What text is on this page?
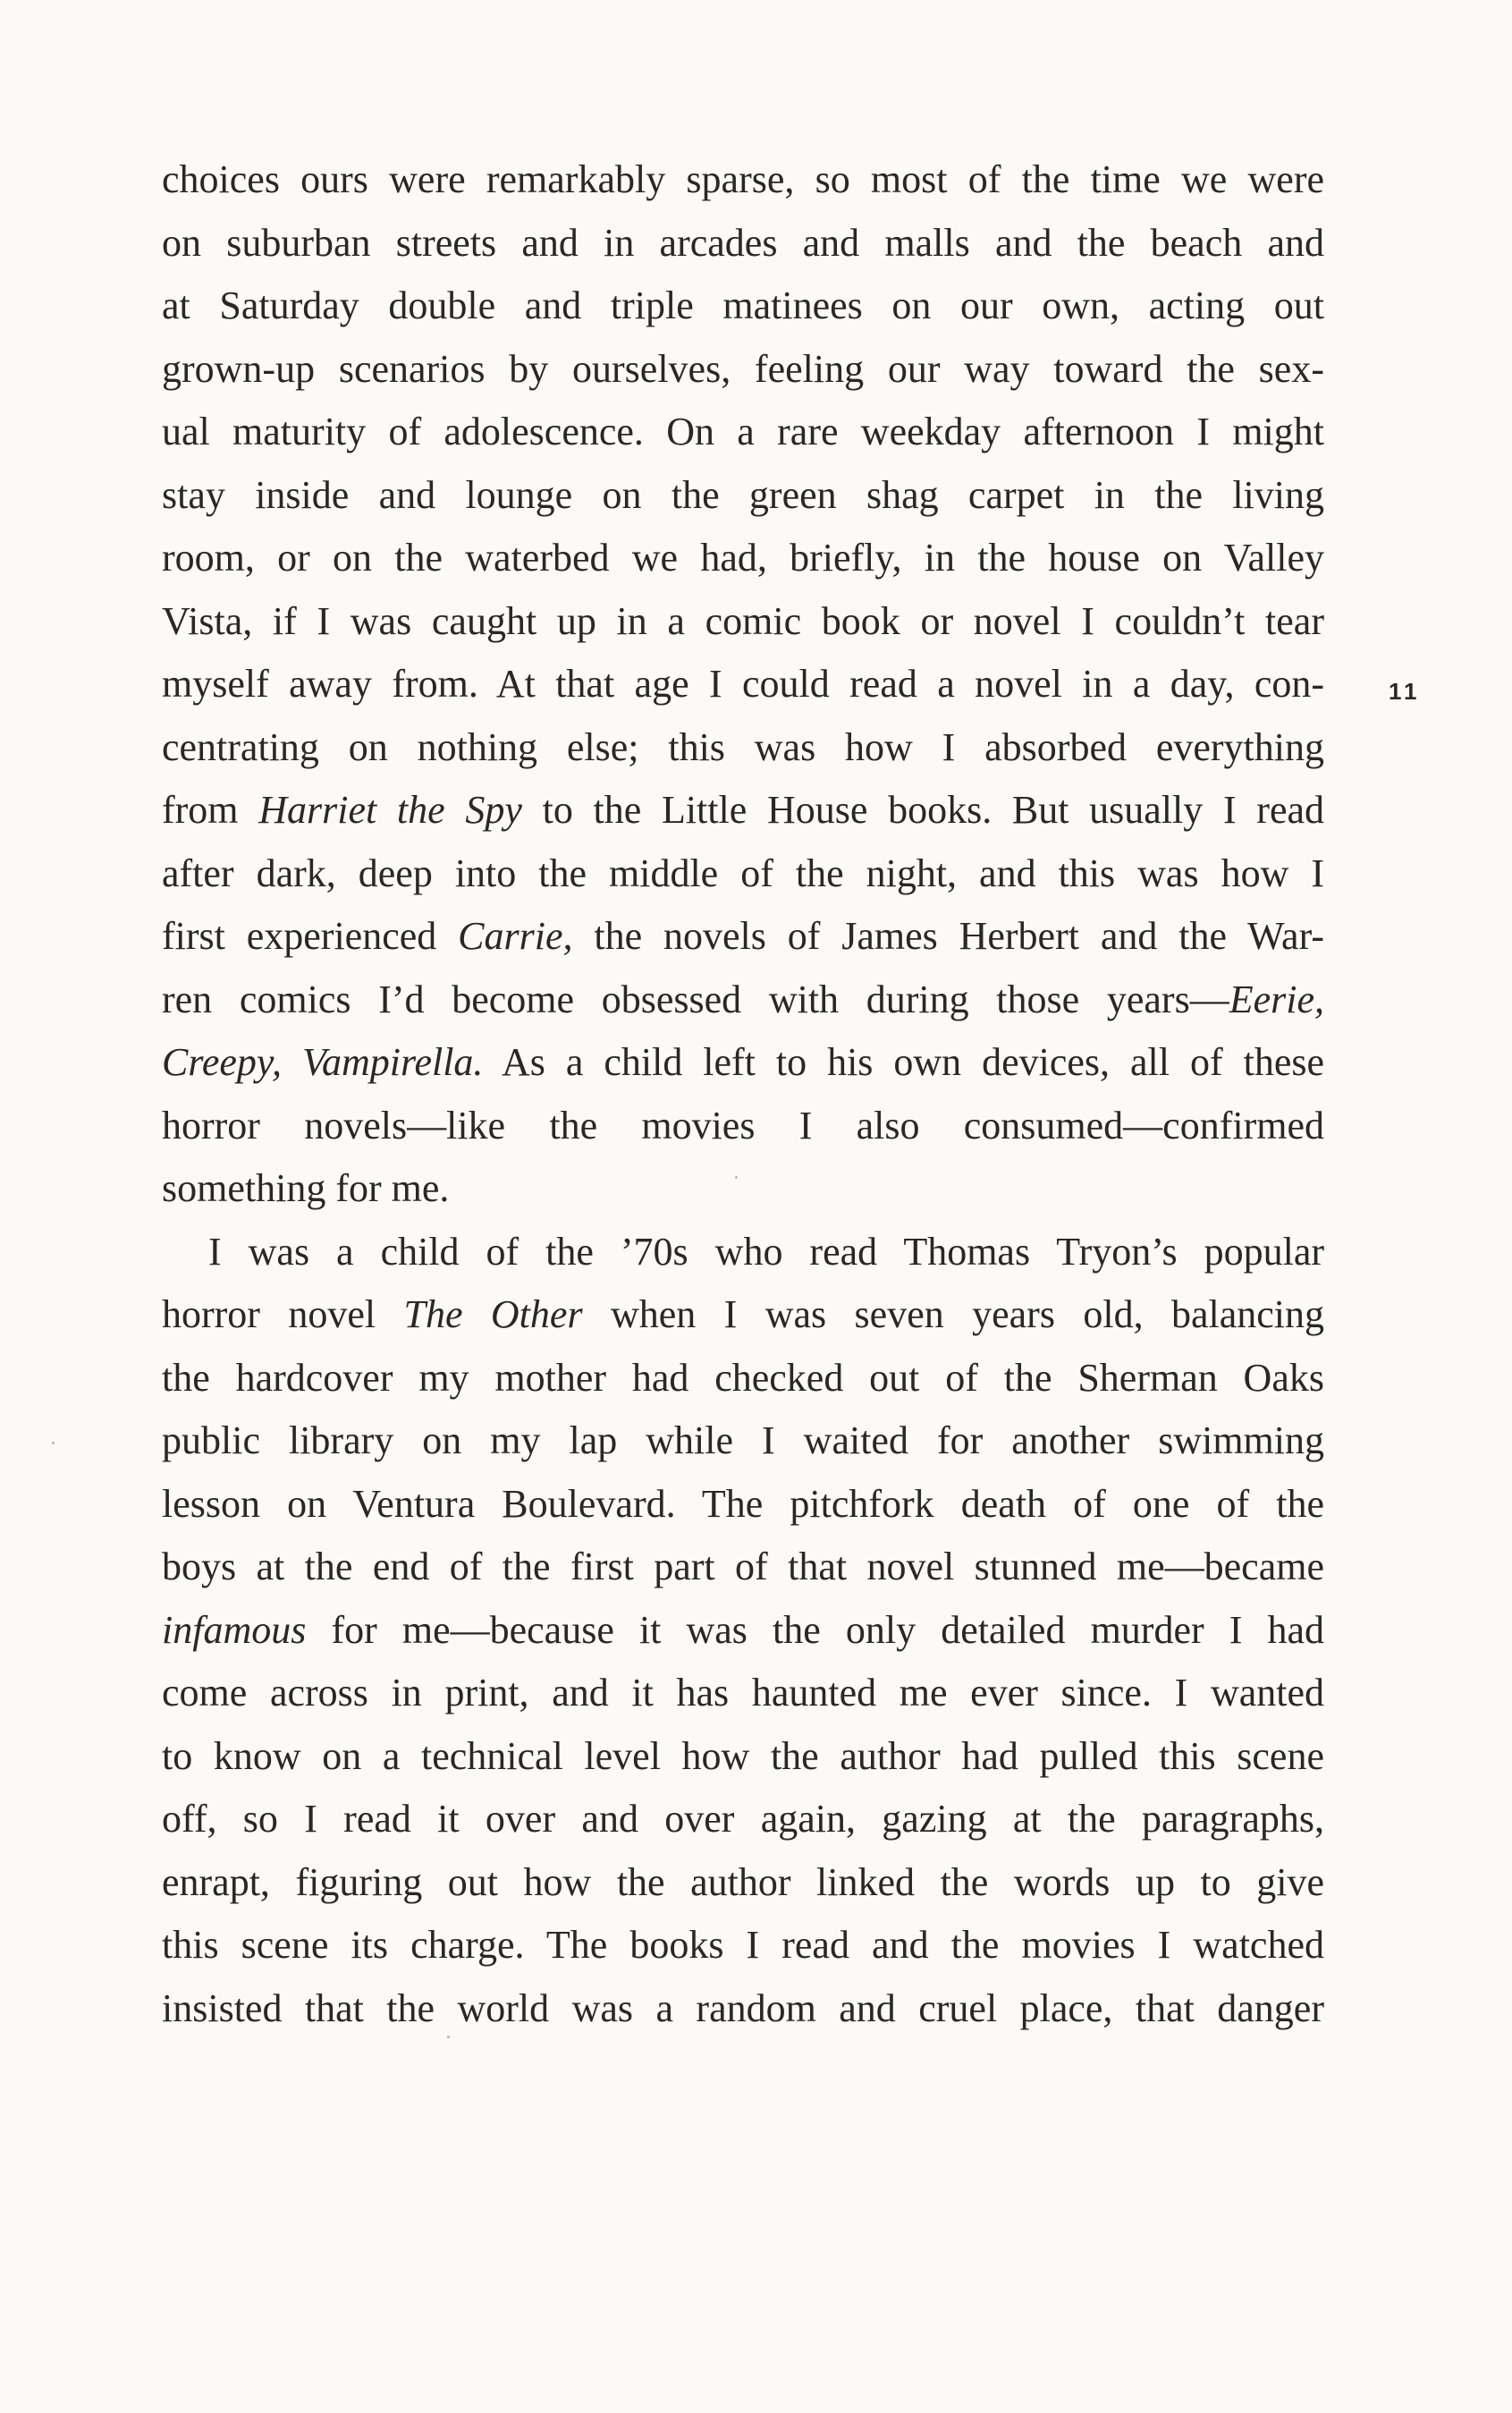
choices ours were remarkably sparse, so most of the time we were
on suburban streets and in arcades and malls and the beach and
at Saturday double and triple matinees on our own, acting out
grown-up scenarios by ourselves, feeling our way toward the sex-
ual maturity of adolescence. On a rare weekday afternoon I might
stay inside and lounge on the green shag carpet in the living
room, or on the waterbed we had, briefly, in the house on Valley
Vista, if I was caught up in a comic book or novel I couldn’t tear
myself away from. At that age I could read a novel in a day, con-
centrating on nothing else; this was how I absorbed everything
from Harriet the Spy to the Little House books. But usually I read
after dark, deep into the middle of the night, and this was how I
first experienced Carrie, the novels of James Herbert and the War-
ren comics I’d become obsessed with during those years—Eerie,
Creepy, Vampirella. As a child left to his own devices, all of these
horror novels—like the movies I also consumed—confirmed
something for me.
I was a child of the ’70s who read Thomas Tryon’s popular
horror novel The Other when I was seven years old, balancing
the hardcover my mother had checked out of the Sherman Oaks
public library on my lap while I waited for another swimming
lesson on Ventura Boulevard. The pitchfork death of one of the
boys at the end of the first part of that novel stunned me—became
infamous for me—because it was the only detailed murder I had
come across in print, and it has haunted me ever since. I wanted
to know on a technical level how the author had pulled this scene
off, so I read it over and over again, gazing at the paragraphs,
enrapt, figuring out how the author linked the words up to give
this scene its charge. The books I read and the movies I watched
insisted that the world was a random and cruel place, that danger
11
